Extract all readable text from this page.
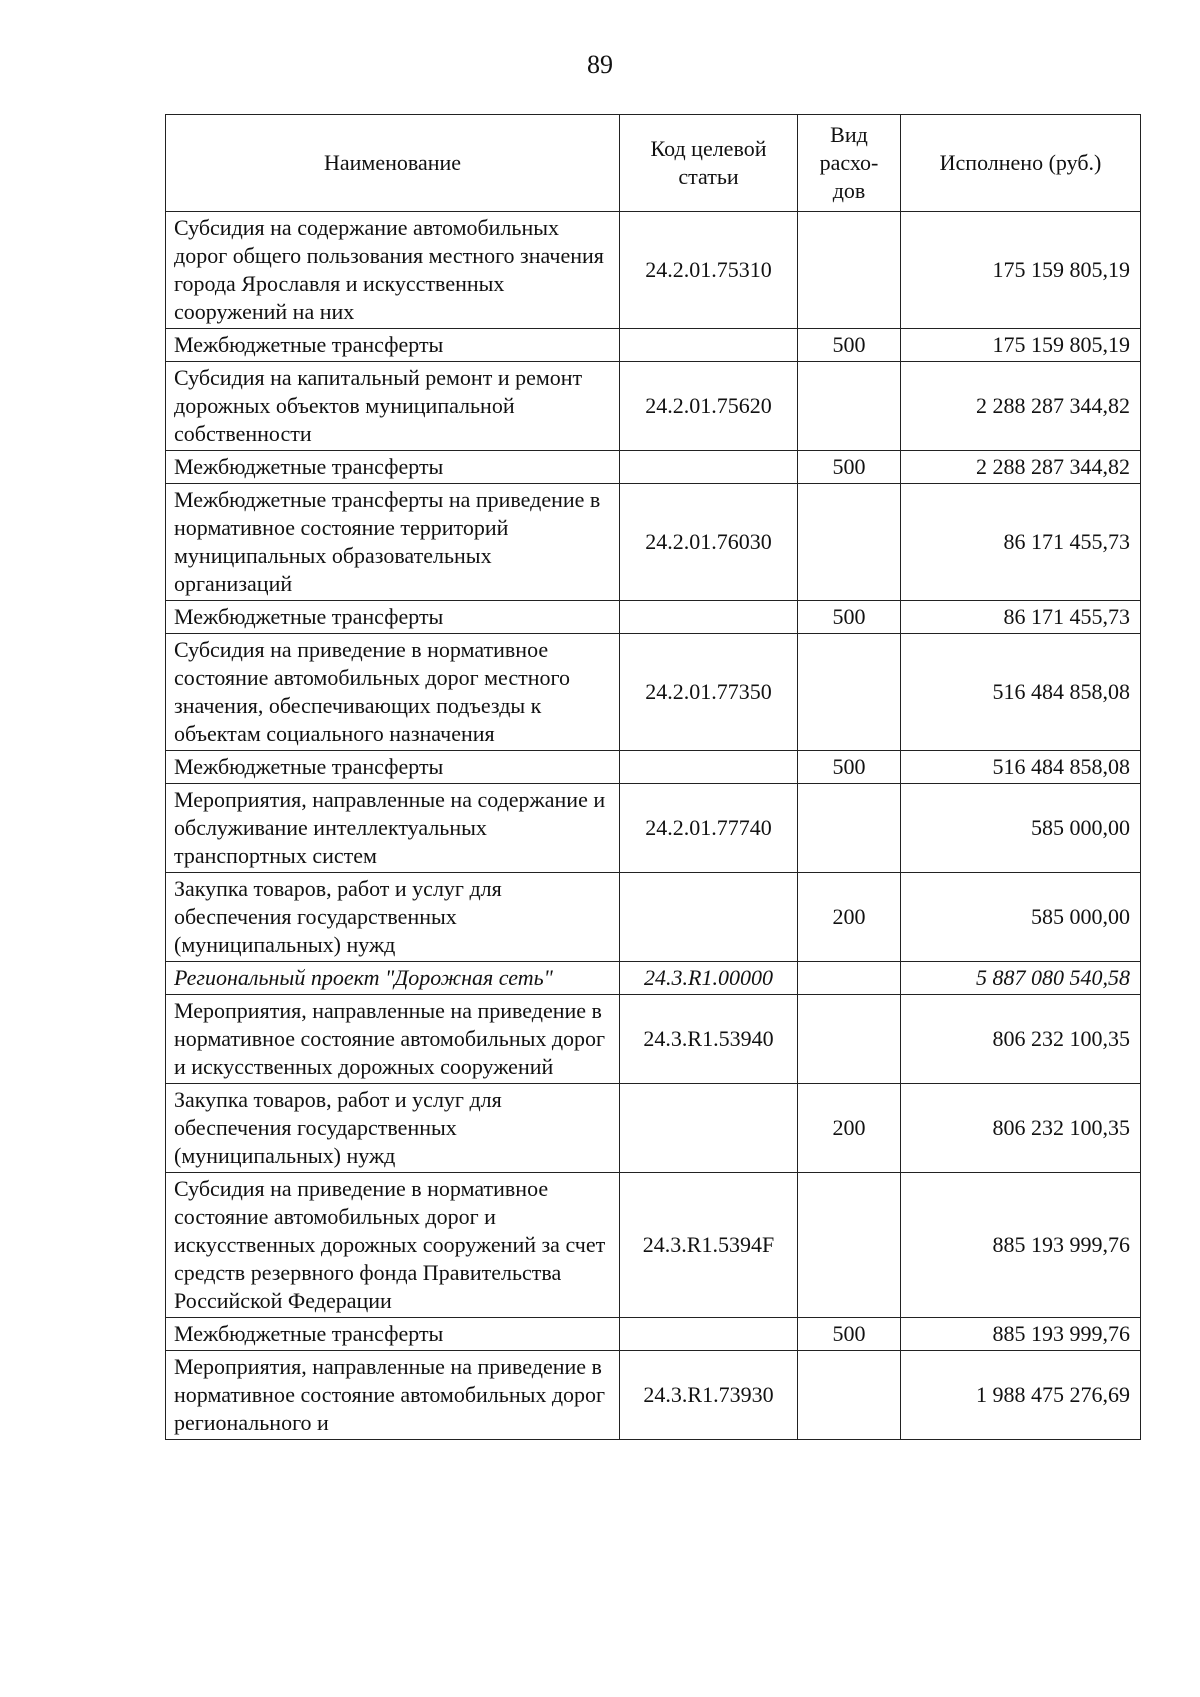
89
Наименование	Код целевой статьи	Вид расхо-дов	Исполнено (руб.)
Субсидия на содержание автомобильных дорог общего пользования местного значения города Ярославля и искусственных сооружений на них	24.2.01.75310		175 159 805,19
Межбюджетные трансферты		500	175 159 805,19
Субсидия на капитальный ремонт и ремонт дорожных объектов муниципальной собственности	24.2.01.75620		2 288 287 344,82
Межбюджетные трансферты		500	2 288 287 344,82
Межбюджетные трансферты на приведение в нормативное состояние территорий муниципальных образовательных организаций	24.2.01.76030		86 171 455,73
Межбюджетные трансферты		500	86 171 455,73
Субсидия на приведение в нормативное состояние автомобильных дорог местного значения, обеспечивающих подъезды к объектам социального назначения	24.2.01.77350		516 484 858,08
Межбюджетные трансферты		500	516 484 858,08
Мероприятия, направленные на содержание и обслуживание интеллектуальных транспортных систем	24.2.01.77740		585 000,00
Закупка товаров, работ и услуг для обеспечения государственных (муниципальных) нужд		200	585 000,00
Региональный проект "Дорожная сеть"	24.3.R1.00000		5 887 080 540,58
Мероприятия, направленные на приведение в нормативное состояние автомобильных дорог и искусственных дорожных сооружений	24.3.R1.53940		806 232 100,35
Закупка товаров, работ и услуг для обеспечения государственных (муниципальных) нужд		200	806 232 100,35
Субсидия на приведение в нормативное состояние автомобильных дорог и искусственных дорожных сооружений за счет средств резервного фонда Правительства Российской Федерации	24.3.R1.5394F		885 193 999,76
Межбюджетные трансферты		500	885 193 999,76
Мероприятия, направленные на приведение в нормативное состояние автомобильных дорог регионального и	24.3.R1.73930		1 988 475 276,69
